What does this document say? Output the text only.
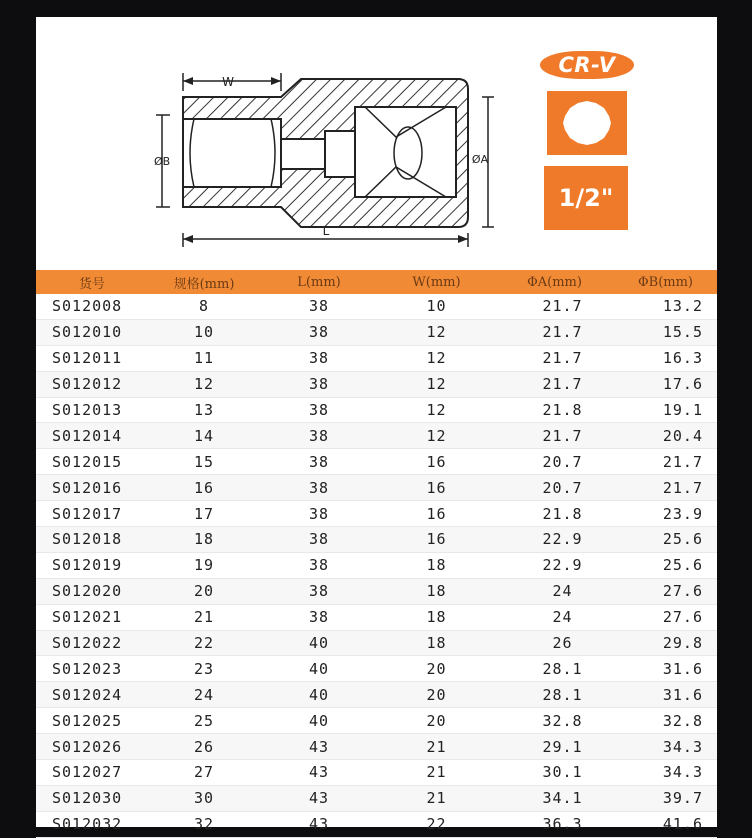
W
ØB	ØA
L
CR-V
1/2"
货号	规格(mm)	L(mm)	W(mm)	ΦA(mm)	ΦB(mm)
S012008	8	38	10	21.7	13.2
S012010	10	38	12	21.7	15.5
S012011	11	38	12	21.7	16.3
S012012	12	38	12	21.7	17.6
S012013	13	38	12	21.8	19.1
S012014	14	38	12	21.7	20.4
S012015	15	38	16	20.7	21.7
S012016	16	38	16	20.7	21.7
S012017	17	38	16	21.8	23.9
S012018	18	38	16	22.9	25.6
S012019	19	38	18	22.9	25.6
S012020	20	38	18	24	27.6
S012021	21	38	18	24	27.6
S012022	22	40	18	26	29.8
S012023	23	40	20	28.1	31.6
S012024	24	40	20	28.1	31.6
S012025	25	40	20	32.8	32.8
S012026	26	43	21	29.1	34.3
S012027	27	43	21	30.1	34.3
S012030	30	43	21	34.1	39.7
S012032	32	43	22	36.3	41.6
